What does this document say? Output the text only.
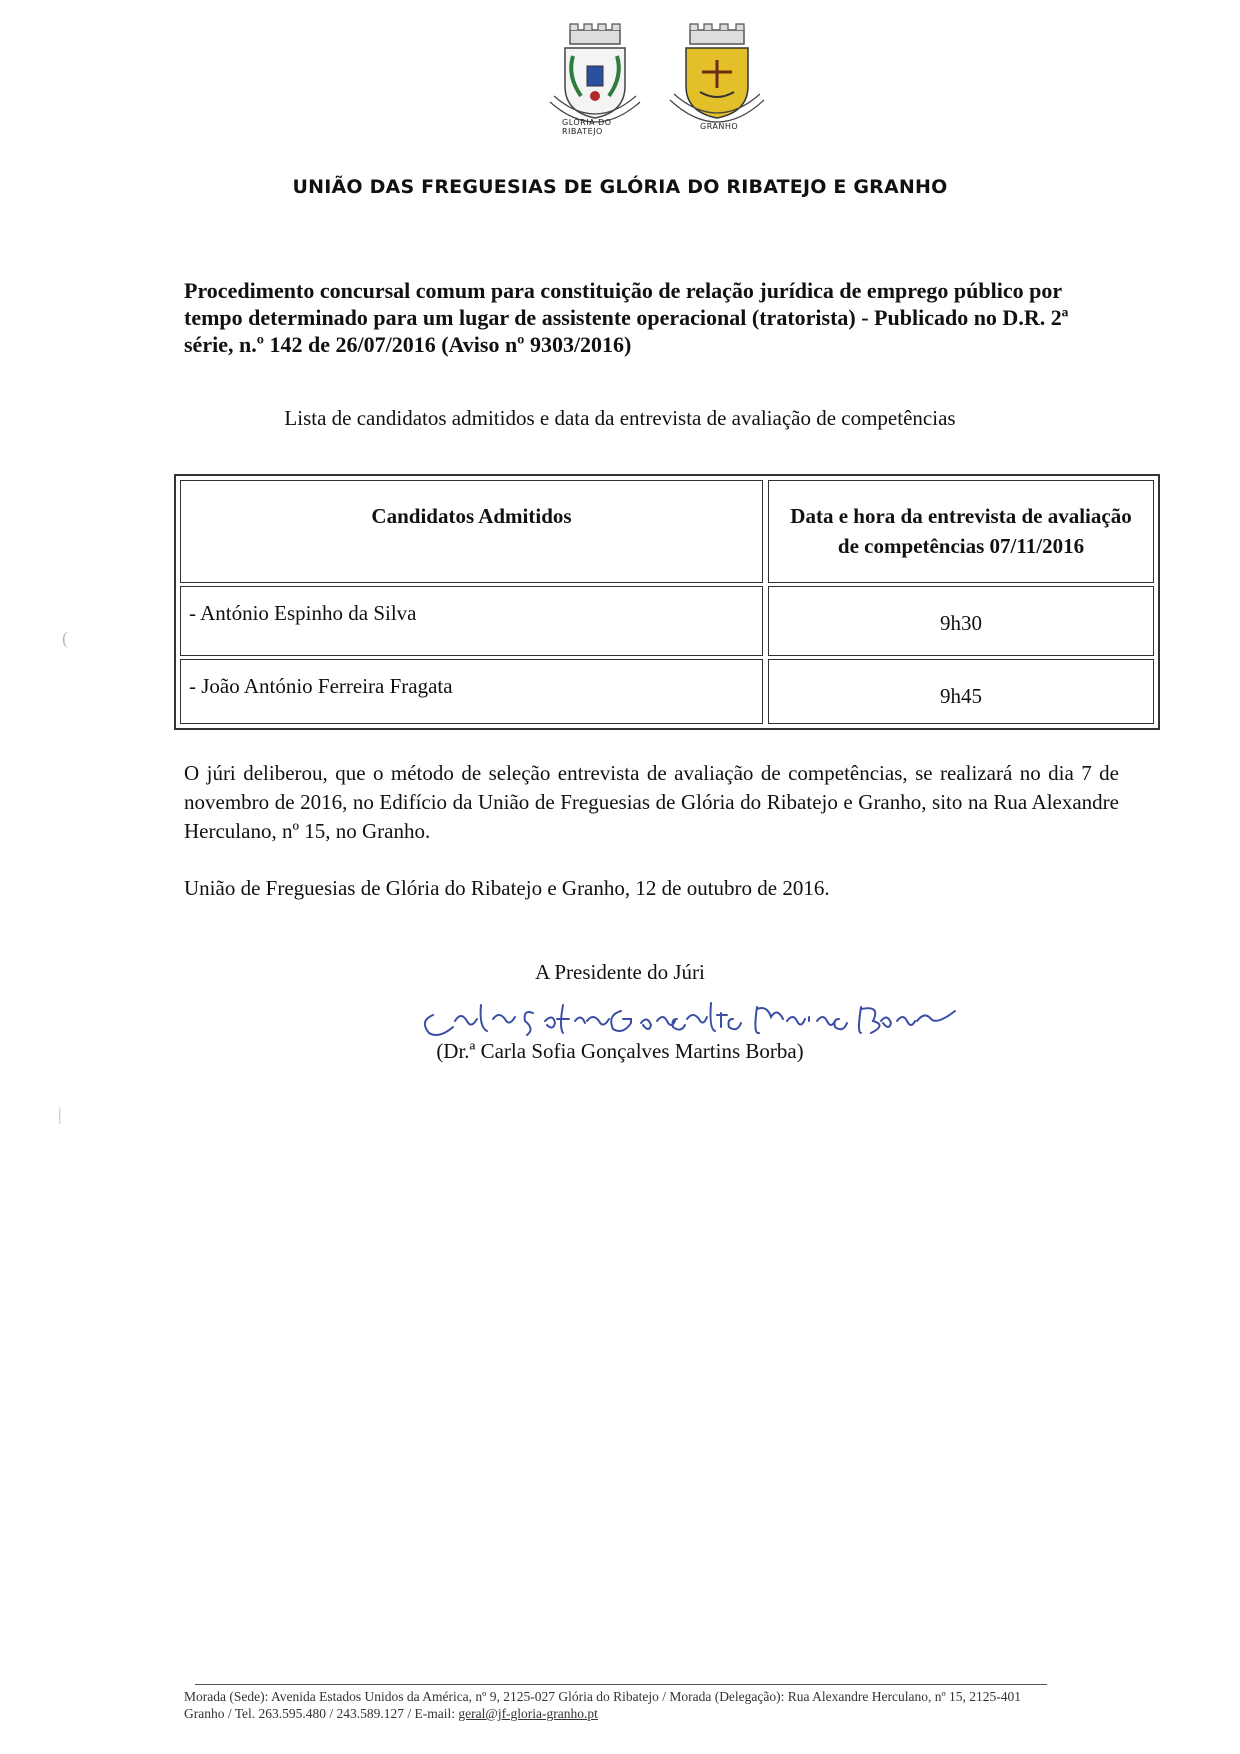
GLÓRIA DO RIBATEJO
GRANHO
UNIÃO DAS FREGUESIAS DE GLÓRIA DO RIBATEJO E GRANHO
Procedimento concursal comum para constituição de relação jurídica de emprego público por tempo determinado para um lugar de assistente operacional (tratorista) - Publicado no D.R. 2ª série, n.º 142 de 26/07/2016 (Aviso nº 9303/2016)
Lista de candidatos admitidos e data da entrevista de avaliação de competências
Candidatos Admitidos	Data e hora da entrevista de avaliação de competências 07/11/2016
- António Espinho da Silva	9h30
- João António Ferreira Fragata	9h45
O júri deliberou, que o método de seleção entrevista de avaliação de competências, se realizará no dia 7 de novembro de 2016, no Edifício da União de Freguesias de Glória do Ribatejo e Granho, sito na Rua Alexandre Herculano, nº 15, no Granho.
União de Freguesias de Glória do Ribatejo e Granho, 12 de outubro de 2016.
A Presidente do Júri
(Dr.ª Carla Sofia Gonçalves Martins Borba)
(
|
Morada (Sede): Avenida Estados Unidos da América, nº 9, 2125-027 Glória do Ribatejo / Morada (Delegação): Rua Alexandre Herculano, nº 15, 2125-401 Granho / Tel. 263.595.480 / 243.589.127 / E-mail: geral@jf-gloria-granho.pt
